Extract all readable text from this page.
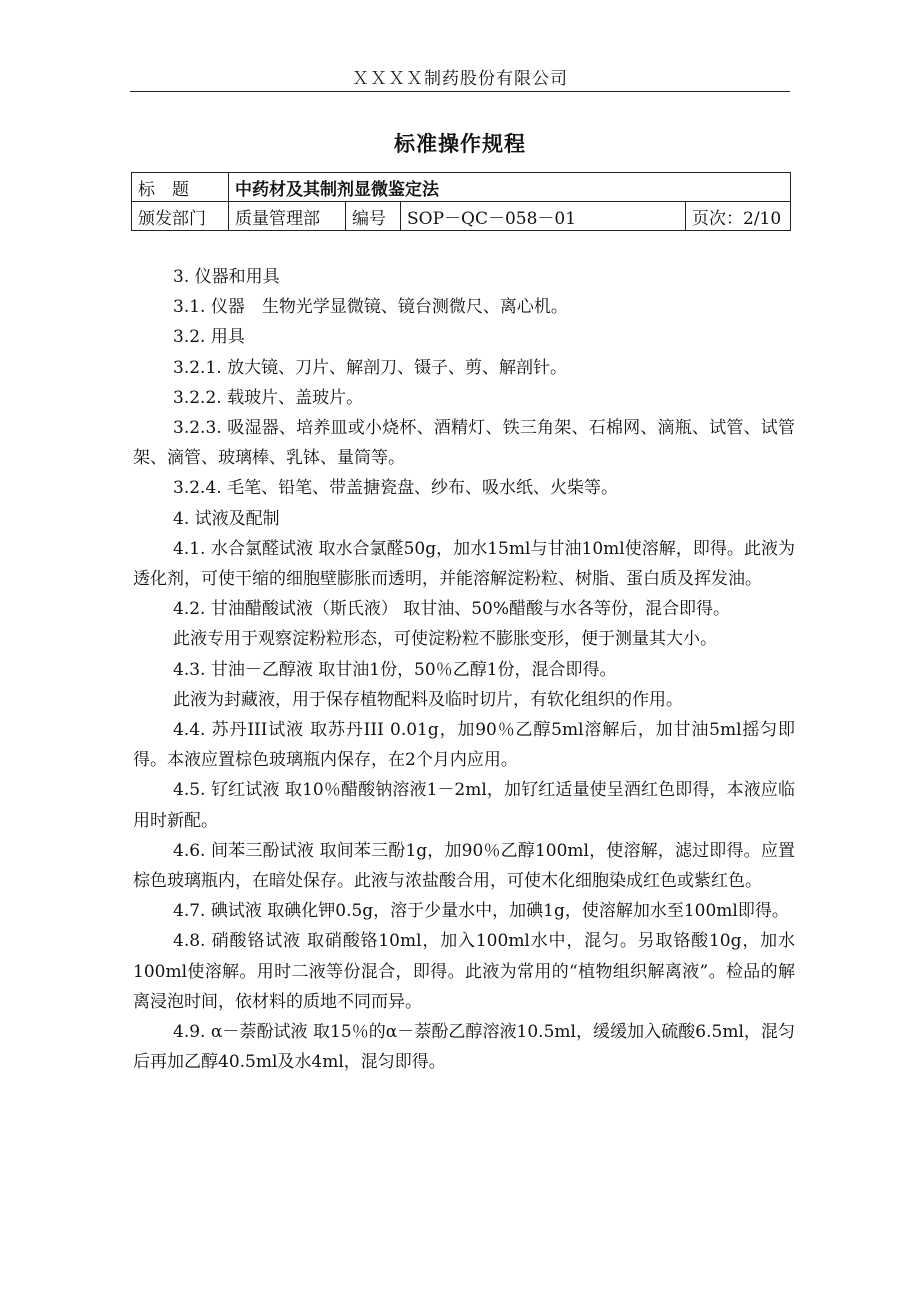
ＸＸＸＸ制药股份有限公司
标准操作规程
标　题	中药材及其制剂显微鉴定法			
颁发部门	质量管理部	编号	SOP－QC－058－01	页次：2/10

3. 仪器和用具

3.1. 仪器　生物光学显微镜、镜台测微尺、离心机。

3.2. 用具

3.2.1. 放大镜、刀片、解剖刀、镊子、剪、解剖针。

3.2.2. 载玻片、盖玻片。

3.2.3. 吸湿器、培养皿或小烧杯、酒精灯、铁三角架、石棉网、滴瓶、试管、试管架、滴管、玻璃棒、乳钵、量筒等。

3.2.4. 毛笔、铅笔、带盖搪瓷盘、纱布、吸水纸、火柴等。

4. 试液及配制

4.1. 水合氯醛试液 取水合氯醛50g，加水15ml与甘油10ml使溶解，即得。此液为透化剂，可使干缩的细胞壁膨胀而透明，并能溶解淀粉粒、树脂、蛋白质及挥发油。

4.2. 甘油醋酸试液（斯氏液） 取甘油、50%醋酸与水各等份，混合即得。

此液专用于观察淀粉粒形态，可使淀粉粒不膨胀变形，便于测量其大小。

4.3. 甘油－乙醇液 取甘油1份，50％乙醇1份，混合即得。

此液为封藏液，用于保存植物配料及临时切片，有软化组织的作用。

4.4. 苏丹III试液 取苏丹III 0.01g，加90％乙醇5ml溶解后，加甘油5ml摇匀即得。本液应置棕色玻璃瓶内保存，在2个月内应用。

4.5. 钌红试液 取10％醋酸钠溶液1－2ml，加钌红适量使呈酒红色即得，本液应临用时新配。

4.6. 间苯三酚试液 取间苯三酚1g，加90％乙醇100ml，使溶解，滤过即得。应置棕色玻璃瓶内，在暗处保存。此液与浓盐酸合用，可使木化细胞染成红色或紫红色。

4.7. 碘试液 取碘化钾0.5g，溶于少量水中，加碘1g，使溶解加水至100ml即得。

4.8. 硝酸铬试液 取硝酸铬10ml，加入100ml水中，混匀。另取铬酸10g，加水100ml使溶解。用时二液等份混合，即得。此液为常用的“植物组织解离液”。检品的解离浸泡时间，依材料的质地不同而异。

4.9. α－萘酚试液 取15％的α－萘酚乙醇溶液10.5ml，缓缓加入硫酸6.5ml，混匀后再加乙醇40.5ml及水4ml，混匀即得。
